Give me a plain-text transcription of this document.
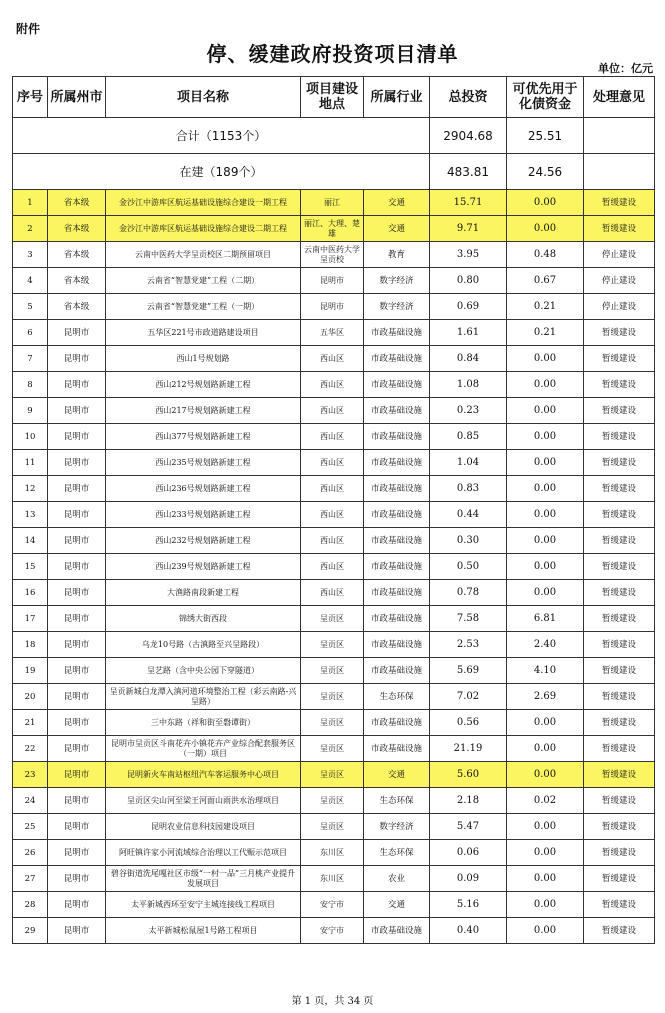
附件
停、缓建政府投资项目清单
单位：亿元
序号	所属州市	项目名称	项目建设地点	所属行业	总投资	可优先用于化债资金	处理意见
合计（1153个）					2904.68	25.51	
在建（189个）					483.81	24.56	
1	省本级	金沙江中游库区航运基础设施综合建设一期工程	丽江	交通	15.71	0.00	暂缓建设
2	省本级	金沙江中游库区航运基础设施综合建设二期工程	丽江、大理、楚雄	交通	9.71	0.00	暂缓建设
3	省本级	云南中医药大学呈贡校区二期预留项目	云南中医药大学呈贡校	教育	3.95	0.48	停止建设
4	省本级	云南省“智慧党建”工程（二期）	昆明市	数字经济	0.80	0.67	停止建设
5	省本级	云南省“智慧党建”工程（一期）	昆明市	数字经济	0.69	0.21	停止建设
6	昆明市	五华区221号市政道路建设项目	五华区	市政基础设施	1.61	0.21	暂缓建设
7	昆明市	西山1号规划路	西山区	市政基础设施	0.84	0.00	暂缓建设
8	昆明市	西山212号规划路新建工程	西山区	市政基础设施	1.08	0.00	暂缓建设
9	昆明市	西山217号规划路新建工程	西山区	市政基础设施	0.23	0.00	暂缓建设
10	昆明市	西山377号规划路新建工程	西山区	市政基础设施	0.85	0.00	暂缓建设
11	昆明市	西山235号规划路新建工程	西山区	市政基础设施	1.04	0.00	暂缓建设
12	昆明市	西山236号规划路新建工程	西山区	市政基础设施	0.83	0.00	暂缓建设
13	昆明市	西山233号规划路新建工程	西山区	市政基础设施	0.44	0.00	暂缓建设
14	昆明市	西山232号规划路新建工程	西山区	市政基础设施	0.30	0.00	暂缓建设
15	昆明市	西山239号规划路新建工程	西山区	市政基础设施	0.50	0.00	暂缓建设
16	昆明市	大渔路南段新建工程	西山区	市政基础设施	0.78	0.00	暂缓建设
17	昆明市	锦绣大街西段	呈贡区	市政基础设施	7.58	6.81	暂缓建设
18	昆明市	乌龙10号路（古滇路至兴呈路段）	呈贡区	市政基础设施	2.53	2.40	暂缓建设
19	昆明市	呈艺路（含中央公园下穿隧道）	呈贡区	市政基础设施	5.69	4.10	暂缓建设
20	昆明市	呈贡新城白龙潭入滇河道环境整治工程（彩云南路-兴呈路）	呈贡区	生态环保	7.02	2.69	暂缓建设
21	昆明市	三中东路（祥和街至磐谭街）	呈贡区	市政基础设施	0.56	0.00	暂缓建设
22	昆明市	昆明市呈贡区斗南花卉小镇花卉产业综合配套服务区（一期）项目	呈贡区	市政基础设施	21.19	0.00	暂缓建设
23	昆明市	昆明新火车南站枢纽汽车客运服务中心项目	呈贡区	交通	5.60	0.00	暂缓建设
24	昆明市	呈贡区尖山河至梁王河面山雨洪水治理项目	呈贡区	生态环保	2.18	0.02	暂缓建设
25	昆明市	昆明农业信息科技园建设项目	呈贡区	数字经济	5.47	0.00	暂缓建设
26	昆明市	阿旺镇许家小河流域综合治理以工代赈示范项目	东川区	生态环保	0.06	0.00	暂缓建设
27	昆明市	碧谷街道洗尾嘎社区市级“一村一品”三月桃产业提升发展项目	东川区	农业	0.09	0.00	暂缓建设
28	昆明市	太平新城西环至安宁主城连接线工程项目	安宁市	交通	5.16	0.00	暂缓建设
29	昆明市	太平新城松鼠屋1号路工程项目	安宁市	市政基础设施	0.40	0.00	暂缓建设
第 1 页，共 34 页
